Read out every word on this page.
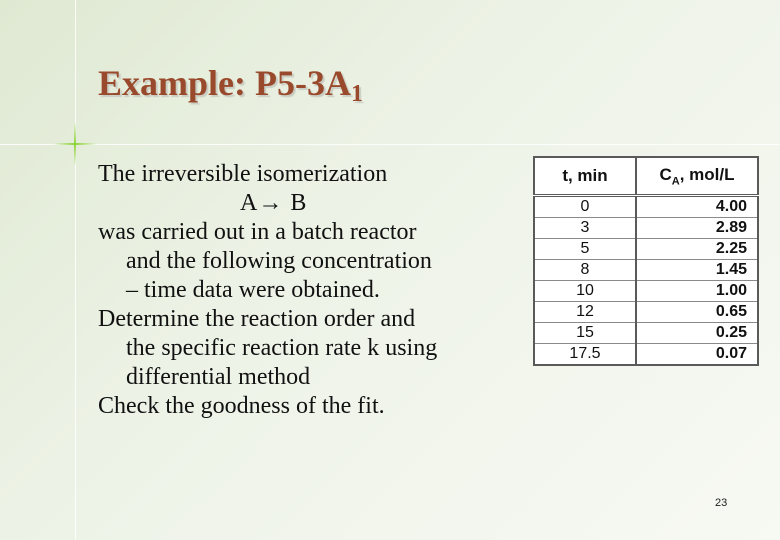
Example: $P5-3A_1$
The irreversible isomerization
A→ B
was carried out in a batch reactor
and the following concentration
– time data were obtained.
Determine the reaction order and
the specific reaction rate k using
differential method
Check the goodness of the fit.
t, min	$C_A$, mol/L
0	4.00
3	2.89
5	2.25
8	1.45
10	1.00
12	0.65
15	0.25
17.5	0.07
23
